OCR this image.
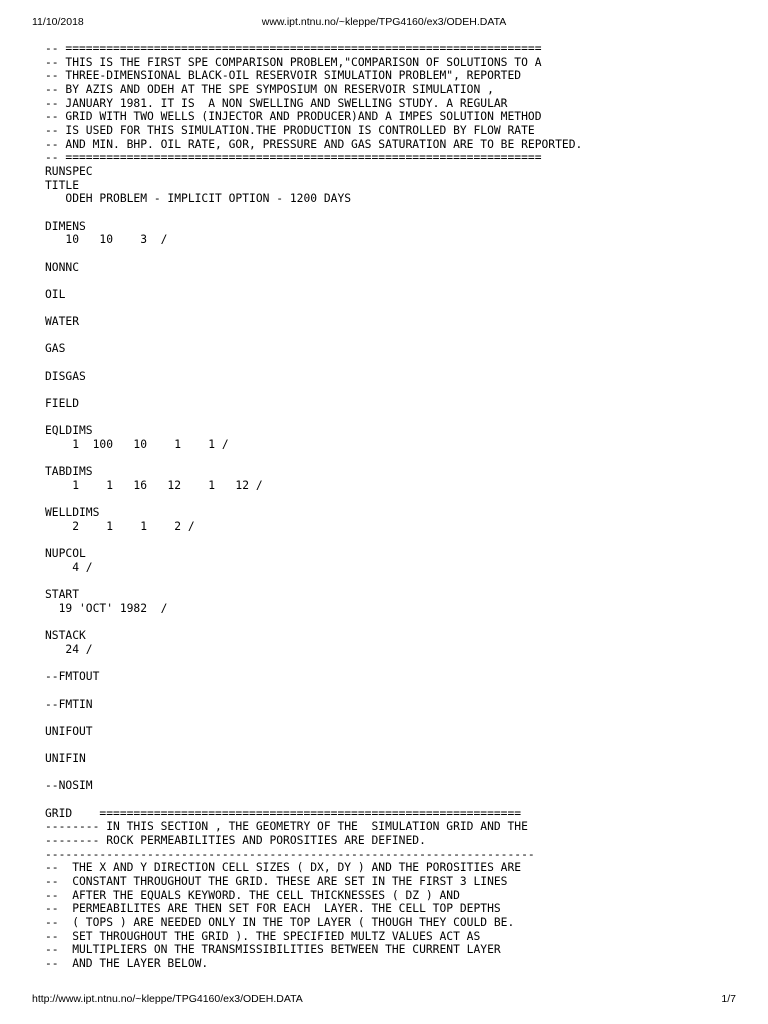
11/10/2018	www.ipt.ntnu.no/~kleppe/TPG4160/ex3/ODEH.DATA
-- ======================================================================
-- THIS IS THE FIRST SPE COMPARISON PROBLEM,"COMPARISON OF SOLUTIONS TO A
-- THREE-DIMENSIONAL BLACK-OIL RESERVOIR SIMULATION PROBLEM", REPORTED
-- BY AZIS AND ODEH AT THE SPE SYMPOSIUM ON RESERVOIR SIMULATION ,
-- JANUARY 1981. IT IS  A NON SWELLING AND SWELLING STUDY. A REGULAR
-- GRID WITH TWO WELLS (INJECTOR AND PRODUCER)AND A IMPES SOLUTION METHOD
-- IS USED FOR THIS SIMULATION.THE PRODUCTION IS CONTROLLED BY FLOW RATE
-- AND MIN. BHP. OIL RATE, GOR, PRESSURE AND GAS SATURATION ARE TO BE REPORTED.
-- ======================================================================
RUNSPEC
TITLE
ODEH PROBLEM - IMPLICIT OPTION - 1200 DAYS

DIMENS
10   10    3  /

NONNC

OIL

WATER

GAS

DISGAS

FIELD

EQLDIMS
1  100   10    1    1 /

TABDIMS
1    1   16   12    1   12 /

WELLDIMS
2    1    1    2 /

NUPCOL
4 /

START
19 'OCT' 1982  /

NSTACK
24 /

--FMTOUT

--FMTIN

UNIFOUT

UNIFIN

--NOSIM

GRID    ==============================================================
-------- IN THIS SECTION , THE GEOMETRY OF THE  SIMULATION GRID AND THE
-------- ROCK PERMEABILITIES AND POROSITIES ARE DEFINED.
------------------------------------------------------------------------
--  THE X AND Y DIRECTION CELL SIZES ( DX, DY ) AND THE POROSITIES ARE
--  CONSTANT THROUGHOUT THE GRID. THESE ARE SET IN THE FIRST 3 LINES
--  AFTER THE EQUALS KEYWORD. THE CELL THICKNESSES ( DZ ) AND
--  PERMEABILITES ARE THEN SET FOR EACH  LAYER. THE CELL TOP DEPTHS
--  ( TOPS ) ARE NEEDED ONLY IN THE TOP LAYER ( THOUGH THEY COULD BE.
--  SET THROUGHOUT THE GRID ). THE SPECIFIED MULTZ VALUES ACT AS
--  MULTIPLIERS ON THE TRANSMISSIBILITIES BETWEEN THE CURRENT LAYER
--  AND THE LAYER BELOW.
http://www.ipt.ntnu.no/~kleppe/TPG4160/ex3/ODEH.DATA	1/7
